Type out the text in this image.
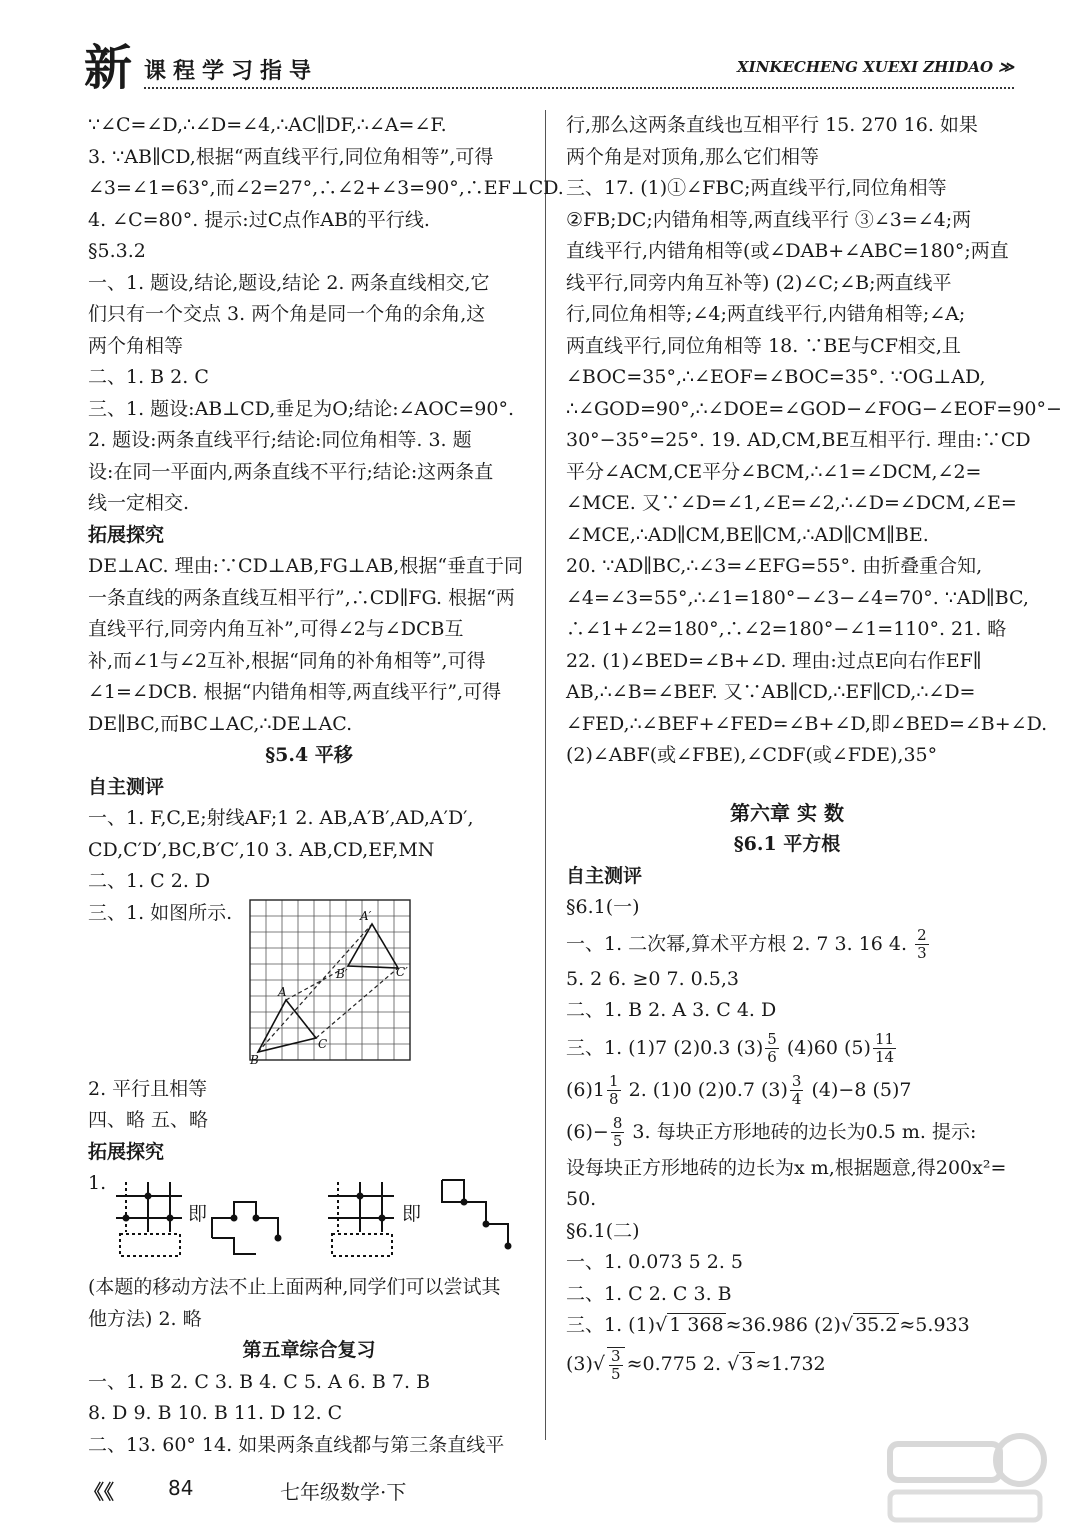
新 课程学习指导	XINKECHENG XUEXI ZHIDAO ≫
∵∠C=∠D,∴∠D=∠4,∴AC∥DF,∴∠A=∠F.
3. ∵AB∥CD,根据“两直线平行,同位角相等”,可得
∠3=∠1=63°,而∠2=27°,∴∠2+∠3=90°,∴EF⊥CD.
4. ∠C=80°. 提示:过C点作AB的平行线.
§5.3.2
一、1. 题设,结论,题设,结论 2. 两条直线相交,它
们只有一个交点 3. 两个角是同一个角的余角,这
两个角相等
二、1. B 2. C
三、1. 题设:AB⊥CD,垂足为O;结论:∠AOC=90°.
2. 题设:两条直线平行;结论:同位角相等. 3. 题
设:在同一平面内,两条直线不平行;结论:这两条直
线一定相交.
拓展探究
DE⊥AC. 理由:∵CD⊥AB,FG⊥AB,根据“垂直于同
一条直线的两条直线互相平行”,∴CD∥FG. 根据“两
直线平行,同旁内角互补”,可得∠2与∠DCB互
补,而∠1与∠2互补,根据“同角的补角相等”,可得
∠1=∠DCB. 根据“内错角相等,两直线平行”,可得
DE∥BC,而BC⊥AC,∴DE⊥AC.
§5.4 平移
自主测评
一、1. F,C,E;射线AF;1 2. AB,A′B′,AD,A′D′,
CD,C′D′,BC,B′C′,10 3. AB,CD,EF,MN
二、1. C 2. D
三、1. 如图所示.	A′
A
B
C
B′	C′
2. 平行且相等
四、略 五、略
拓展探究
1.
即	即
(本题的移动方法不止上面两种,同学们可以尝试其
他方法) 2. 略
第五章综合复习
一、1. B 2. C 3. B 4. C 5. A 6. B 7. B
8. D 9. B 10. B 11. D 12. C
二、13. 60° 14. 如果两条直线都与第三条直线平
行,那么这两条直线也互相平行 15. 270 16. 如果
两个角是对顶角,那么它们相等
三、17. (1)①∠FBC;两直线平行,同位角相等
②FB;DC;内错角相等,两直线平行 ③∠3=∠4;两
直线平行,内错角相等(或∠DAB+∠ABC=180°;两直
线平行,同旁内角互补等) (2)∠C;∠B;两直线平
行,同位角相等;∠4;两直线平行,内错角相等;∠A;
两直线平行,同位角相等 18. ∵BE与CF相交,且
∠BOC=35°,∴∠EOF=∠BOC=35°. ∵OG⊥AD,
∴∠GOD=90°,∴∠DOE=∠GOD−∠FOG−∠EOF=90°−
30°−35°=25°. 19. AD,CM,BE互相平行. 理由:∵CD
平分∠ACM,CE平分∠BCM,∴∠1=∠DCM,∠2=
∠MCE. 又∵∠D=∠1,∠E=∠2,∴∠D=∠DCM,∠E=
∠MCE,∴AD∥CM,BE∥CM,∴AD∥CM∥BE.
20. ∵AD∥BC,∴∠3=∠EFG=55°. 由折叠重合知,
∠4=∠3=55°,∴∠1=180°−∠3−∠4=70°. ∵AD∥BC,
∴∠1+∠2=180°,∴∠2=180°−∠1=110°. 21. 略
22. (1)∠BED=∠B+∠D. 理由:过点E向右作EF∥
AB,∴∠B=∠BEF. 又∵AB∥CD,∴EF∥CD,∴∠D=
∠FED,∴∠BEF+∠FED=∠B+∠D,即∠BED=∠B+∠D.
(2)∠ABF(或∠FBE),∠CDF(或∠FDE),35°
第六章 实 数
§6.1 平方根
自主测评
§6.1(一)
一、1. 二次幂,算术平方根 2. 7 3. 16 4. $\frac{2}{3}$
5. 2 6. ≥0 7. 0.5,3
二、1. B 2. A 3. C 4. D
三、1. (1)7 (2)0.3 $(3) \frac{5}{6} (4)60$ $(5) \frac{11}{14}$
$(6)1 \frac{1}{8} 2$. (1)0 (2)0.7 $(3) \frac{3}{4} (4)-8$ (5)7
$(6)- \frac{8}{5} 3$. 每块正方形地砖的边长为0.5 m. 提示:
设每块正方形地砖的边长为x m,根据题意,得200x²=
50.
§6.1(二)
一、1. 0.073 5 2. 5
二、1. C 2. C 3. B
三、1. (1)√ 1 368 ≈36.986 (2)√ 35.2 ≈5.933
$(3)√ \frac{3}{5} \approx 0.775$ 2. √ 3 ≈1.732
《《	84	七年级数学·下
